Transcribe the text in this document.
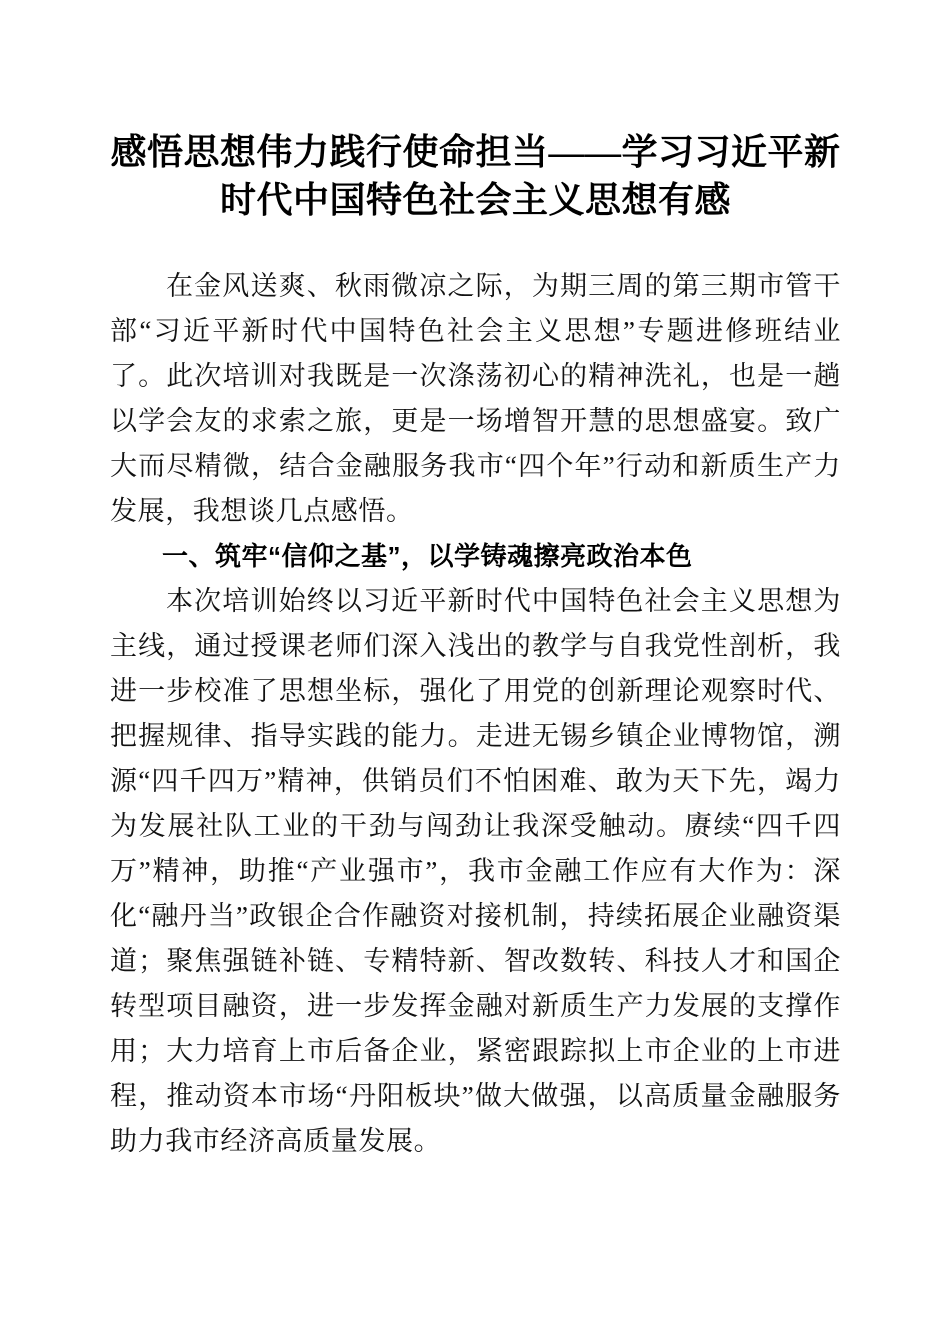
感悟思想伟力践行使命担当——学习习近平新时代中国特色社会主义思想有感

在金风送爽、秋雨微凉之际，为期三周的第三期市管干部“习近平新时代中国特色社会主义思想”专题进修班结业了。此次培训对我既是一次涤荡初心的精神洗礼，也是一趟以学会友的求索之旅，更是一场增智开慧的思想盛宴。致广大而尽精微，结合金融服务我市“四个年”行动和新质生产力发展，我想谈几点感悟。

一、筑牢“信仰之基”，以学铸魂擦亮政治本色

本次培训始终以习近平新时代中国特色社会主义思想为主线，通过授课老师们深入浅出的教学与自我党性剖析，我进一步校准了思想坐标，强化了用党的创新理论观察时代、把握规律、指导实践的能力。走进无锡乡镇企业博物馆，溯源“四千四万”精神，供销员们不怕困难、敢为天下先，竭力为发展社队工业的干劲与闯劲让我深受触动。赓续“四千四万”精神，助推“产业强市”，我市金融工作应有大作为：深化“融丹当”政银企合作融资对接机制，持续拓展企业融资渠道；聚焦强链补链、专精特新、智改数转、科技人才和国企转型项目融资，进一步发挥金融对新质生产力发展的支撑作用；大力培育上市后备企业，紧密跟踪拟上市企业的上市进程，推动资本市场“丹阳板块”做大做强，以高质量金融服务助力我市经济高质量发展。
